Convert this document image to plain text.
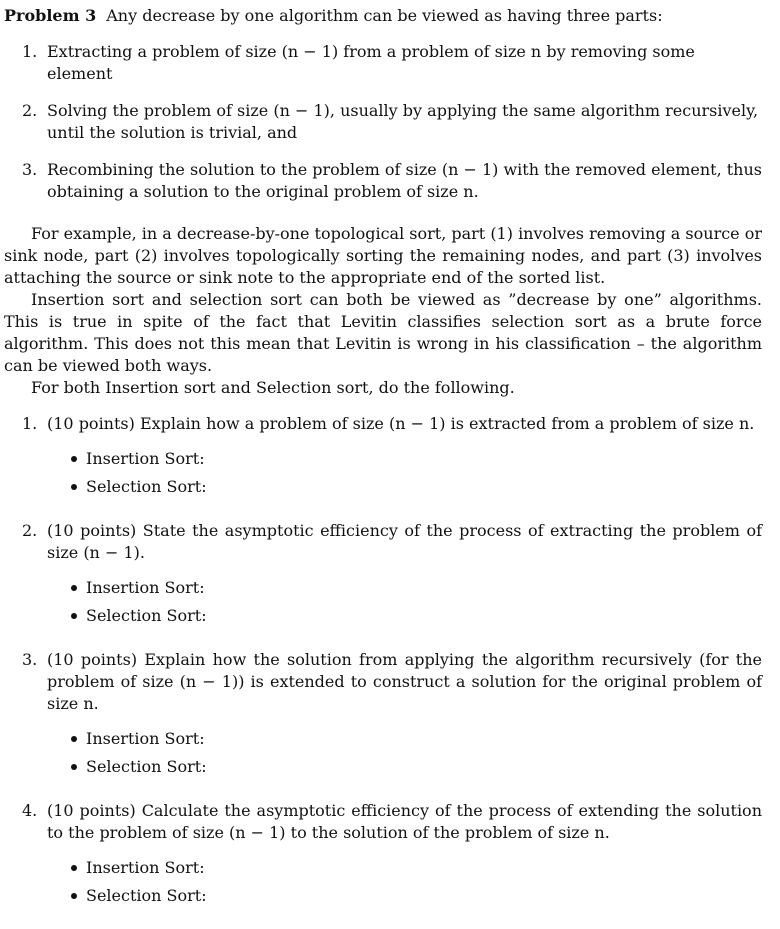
Problem 3 Any decrease by one algorithm can be viewed as having three parts:
1. Extracting a problem of size (n − 1) from a problem of size n by removing some element
2. Solving the problem of size (n − 1), usually by applying the same algorithm recursively, until the solution is trivial, and
3. Recombining the solution to the problem of size (n − 1) with the removed element, thus obtaining a solution to the original problem of size n.

For example, in a decrease-by-one topological sort, part (1) involves removing a source or sink node, part (2) involves topologically sorting the remaining nodes, and part (3) involves attaching the source or sink note to the appropriate end of the sorted list.

Insertion sort and selection sort can both be viewed as ”decrease by one” algorithms. This is true in spite of the fact that Levitin classifies selection sort as a brute force algorithm. This does not this mean that Levitin is wrong in his classification – the algorithm can be viewed both ways.

For both Insertion sort and Selection sort, do the following.

1. (10 points) Explain how a problem of size (n − 1) is extracted from a problem of size n.
Insertion Sort:
Selection Sort:
2. (10 points) State the asymptotic efficiency of the process of extracting the problem of size (n − 1).
Insertion Sort:
Selection Sort:
3. (10 points) Explain how the solution from applying the algorithm recursively (for the problem of size (n − 1)) is extended to construct a solution for the original problem of size n.
Insertion Sort:
Selection Sort:
4. (10 points) Calculate the asymptotic efficiency of the process of extending the solution to the problem of size (n − 1) to the solution of the problem of size n.
Insertion Sort:
Selection Sort:
